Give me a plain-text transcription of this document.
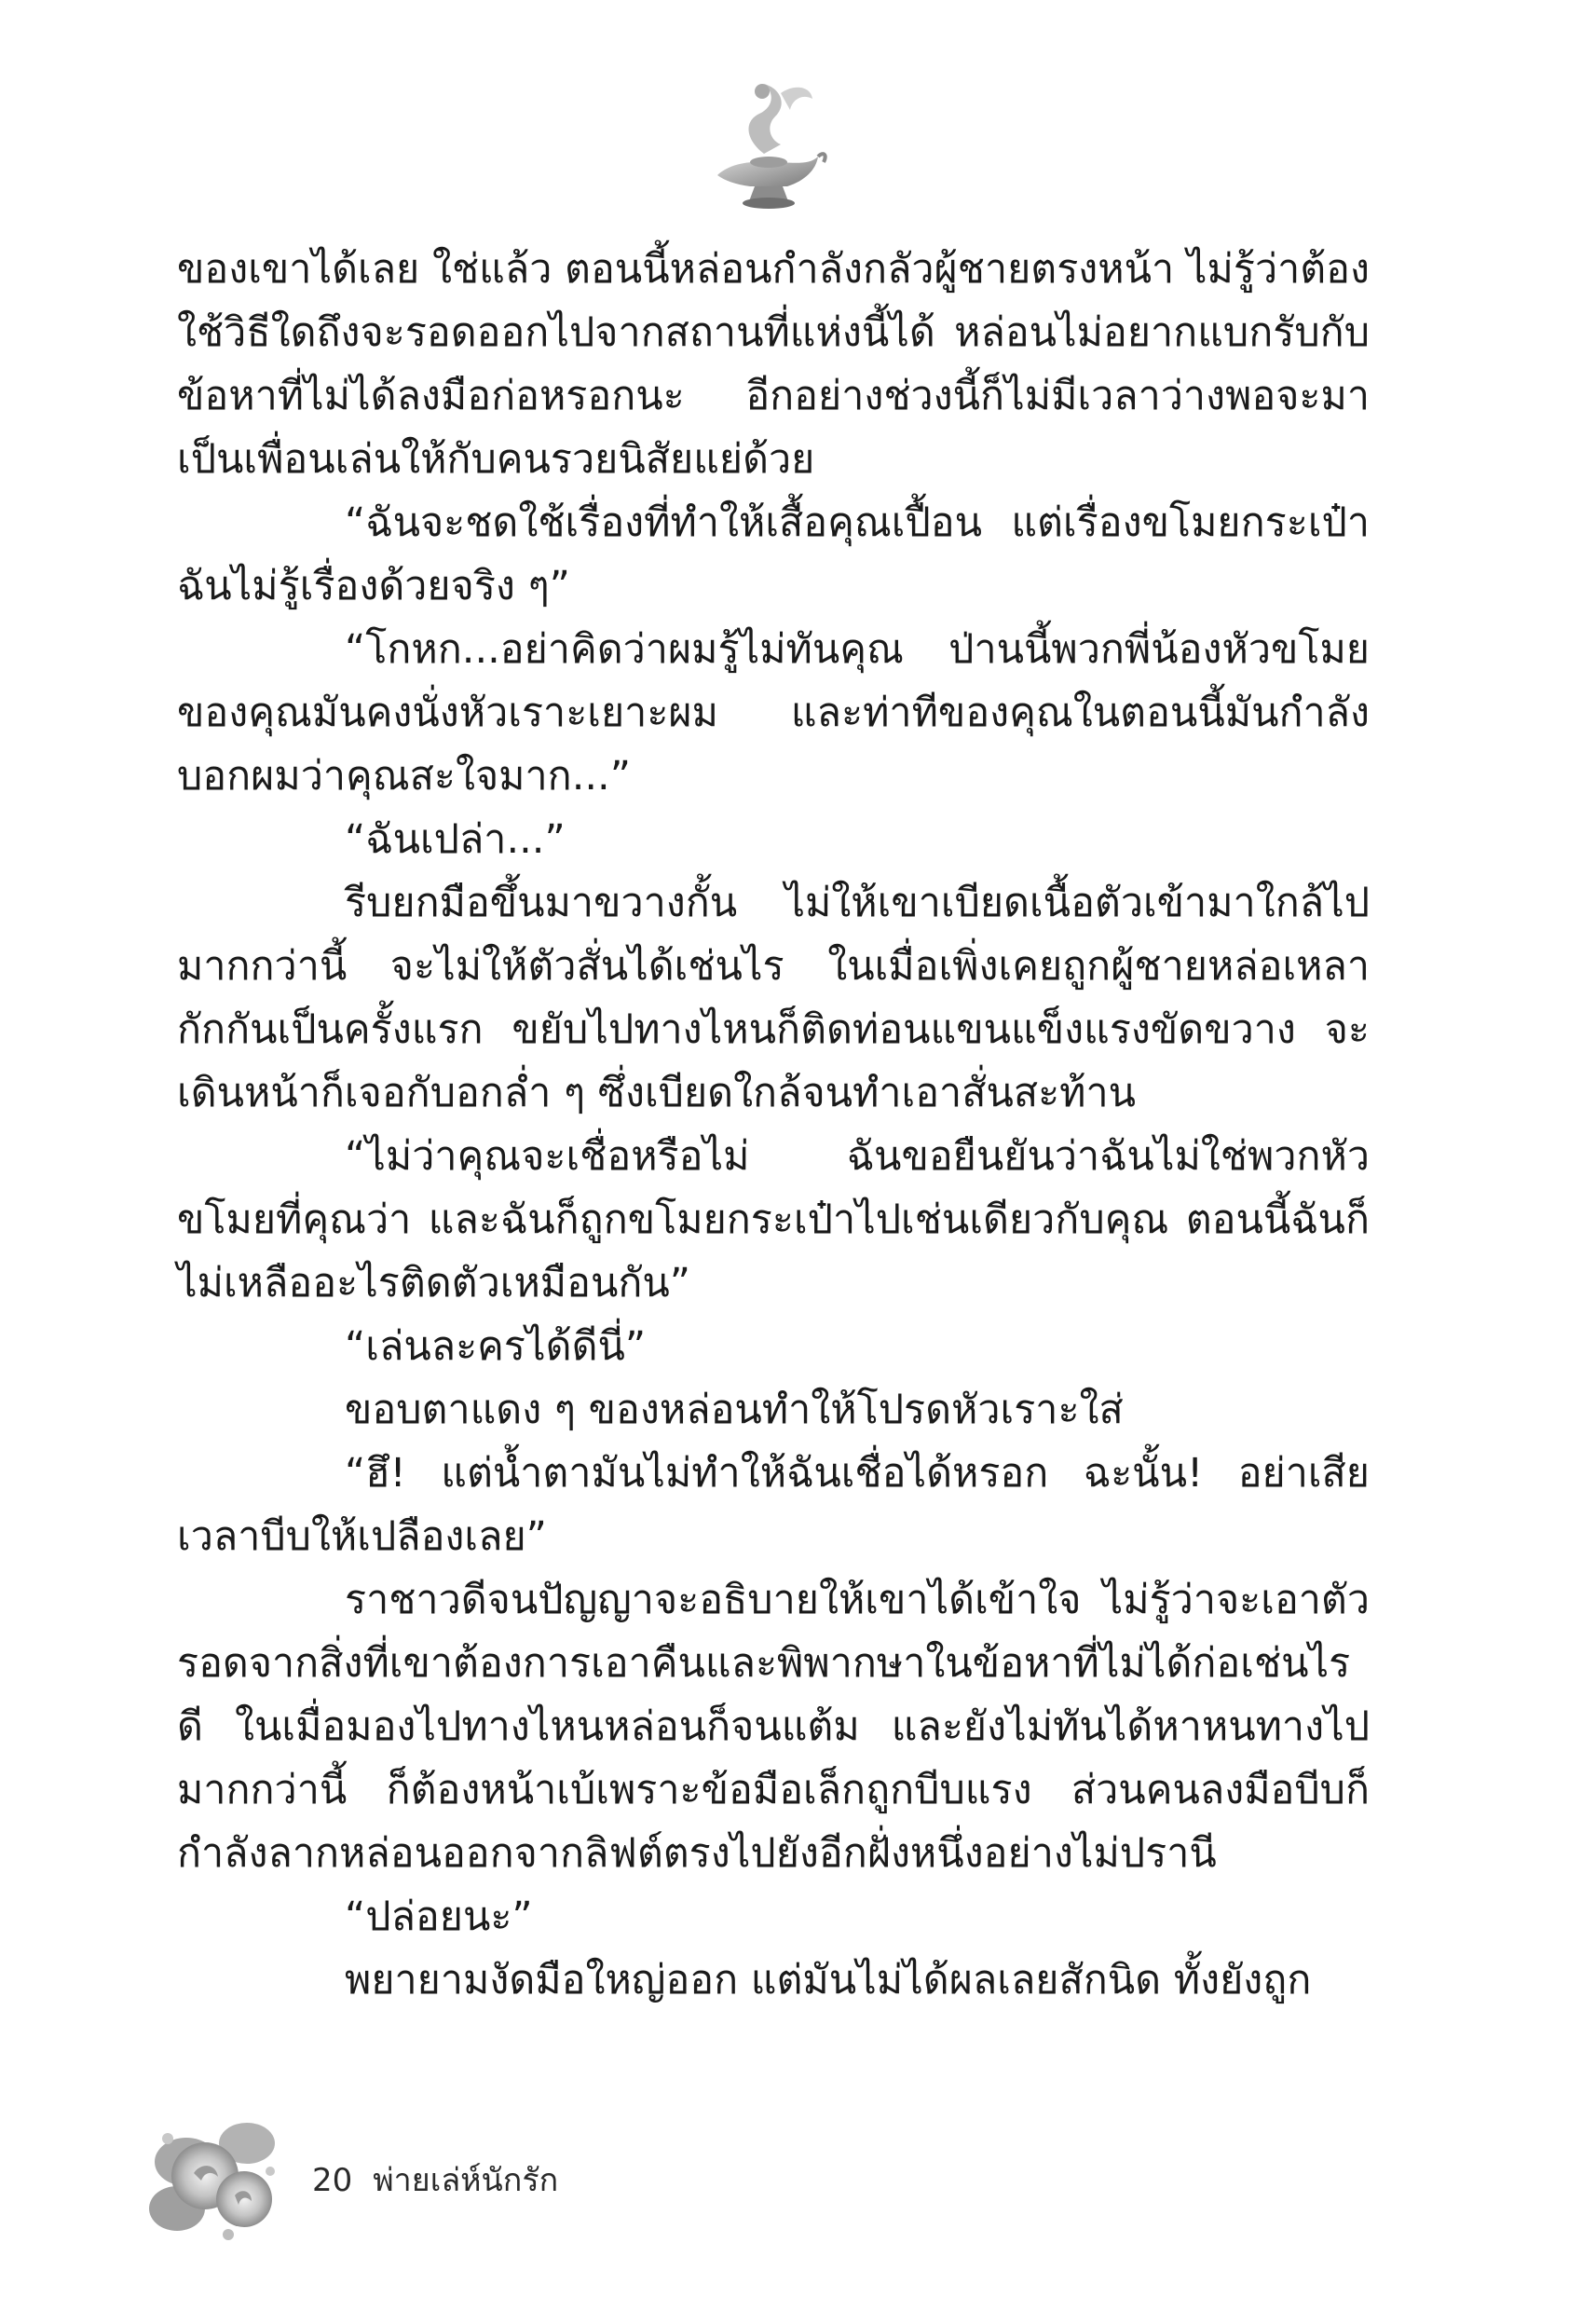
ของเขาได้เลย ใช่แล้ว ตอนนี้หล่อนกำลังกลัวผู้ชายตรงหน้า ไม่รู้ว่าต้องใช้วิธีใดถึงจะรอดออกไปจากสถานที่แห่งนี้ได้ หล่อนไม่อยากแบกรับกับข้อหาที่ไม่ได้ลงมือก่อหรอกนะ อีกอย่างช่วงนี้ก็ไม่มีเวลาว่างพอจะมาเป็นเพื่อนเล่นให้กับคนรวยนิสัยแย่ด้วย

“ฉันจะชดใช้เรื่องที่ทำให้เสื้อคุณเปื้อน แต่เรื่องขโมยกระเป๋าฉันไม่รู้เรื่องด้วยจริง ๆ”

“โกหก...อย่าคิดว่าผมรู้ไม่ทันคุณ ป่านนี้พวกพี่น้องหัวขโมยของคุณมันคงนั่งหัวเราะเยาะผม และท่าทีของคุณในตอนนี้มันกำลังบอกผมว่าคุณสะใจมาก...”

“ฉันเปล่า...”

รีบยกมือขึ้นมาขวางกั้น ไม่ให้เขาเบียดเนื้อตัวเข้ามาใกล้ไปมากกว่านี้ จะไม่ให้ตัวสั่นได้เช่นไร ในเมื่อเพิ่งเคยถูกผู้ชายหล่อเหลากักกันเป็นครั้งแรก ขยับไปทางไหนก็ติดท่อนแขนแข็งแรงขัดขวาง จะเดินหน้าก็เจอกับอกล่ำ ๆ ซึ่งเบียดใกล้จนทำเอาสั่นสะท้าน

“ไม่ว่าคุณจะเชื่อหรือไม่ ฉันขอยืนยันว่าฉันไม่ใช่พวกหัวขโมยที่คุณว่า และฉันก็ถูกขโมยกระเป๋าไปเช่นเดียวกับคุณ ตอนนี้ฉันก็ไม่เหลืออะไรติดตัวเหมือนกัน”

“เล่นละครได้ดีนี่”

ขอบตาแดง ๆ ของหล่อนทำให้โปรดหัวเราะใส่

“ฮึ! แต่น้ำตามันไม่ทำให้ฉันเชื่อได้หรอก ฉะนั้น! อย่าเสียเวลาบีบให้เปลืองเลย”

ราชาวดีจนปัญญาจะอธิบายให้เขาได้เข้าใจ ไม่รู้ว่าจะเอาตัวรอดจากสิ่งที่เขาต้องการเอาคืนและพิพากษาในข้อหาที่ไม่ได้ก่อเช่นไรดี ในเมื่อมองไปทางไหนหล่อนก็จนแต้ม และยังไม่ทันได้หาหนทางไปมากกว่านี้ ก็ต้องหน้าเบ้เพราะข้อมือเล็กถูกบีบแรง ส่วนคนลงมือบีบก็กำลังลากหล่อนออกจากลิฟต์ตรงไปยังอีกฝั่งหนึ่งอย่างไม่ปรานี

“ปล่อยนะ”

พยายามงัดมือใหญ่ออก แต่มันไม่ได้ผลเลยสักนิด ทั้งยังถูก

20 พ่ายเล่ห์นักรัก
